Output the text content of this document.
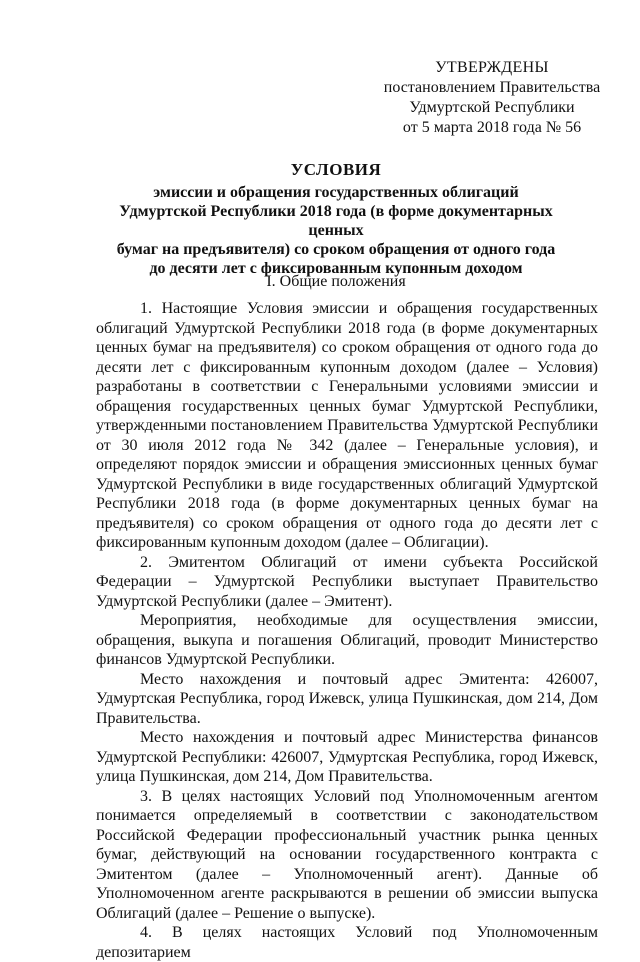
УТВЕРЖДЕНЫ
постановлением Правительства
Удмуртской Республики
от 5 марта 2018 года № 56
УСЛОВИЯ
эмиссии и обращения государственных облигаций
Удмуртской Республики 2018 года (в форме документарных ценных
бумаг на предъявителя) со сроком обращения от одного года
до десяти лет с фиксированным купонным доходом
I. Общие положения

1. Настоящие Условия эмиссии и обращения государственных облигаций Удмуртской Республики 2018 года (в форме документарных ценных бумаг на предъявителя) со сроком обращения от одного года до десяти лет с фиксированным купонным доходом (далее – Условия) разработаны в соответствии с Генеральными условиями эмиссии и обращения государственных ценных бумаг Удмуртской Республики, утвержденными постановлением Правительства Удмуртской Республики от 30 июля 2012 года № 342 (далее – Генеральные условия), и определяют порядок эмиссии и обращения эмиссионных ценных бумаг Удмуртской Республики в виде государственных облигаций Удмуртской Республики 2018 года (в форме документарных ценных бумаг на предъявителя) со сроком обращения от одного года до десяти лет с фиксированным купонным доходом (далее – Облигации).

2. Эмитентом Облигаций от имени субъекта Российской Федерации – Удмуртской Республики выступает Правительство Удмуртской Республики (далее – Эмитент).

Мероприятия, необходимые для осуществления эмиссии, обращения, выкупа и погашения Облигаций, проводит Министерство финансов Удмуртской Республики.

Место нахождения и почтовый адрес Эмитента: 426007, Удмуртская Республика, город Ижевск, улица Пушкинская, дом 214, Дом Правительства.

Место нахождения и почтовый адрес Министерства финансов Удмуртской Республики: 426007, Удмуртская Республика, город Ижевск, улица Пушкинская, дом 214, Дом Правительства.

3. В целях настоящих Условий под Уполномоченным агентом понимается определяемый в соответствии с законодательством Российской Федерации профессиональный участник рынка ценных бумаг, действующий на основании государственного контракта с Эмитентом (далее – Уполномоченный агент). Данные об Уполномоченном агенте раскрываются в решении об эмиссии выпуска Облигаций (далее – Решение о выпуске).

4. В целях настоящих Условий под Уполномоченным депозитарием
